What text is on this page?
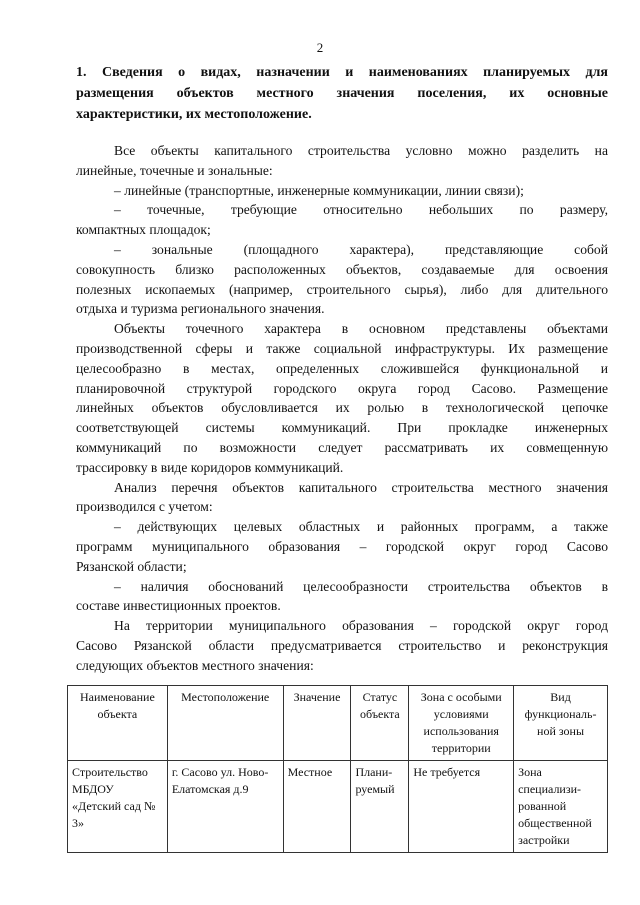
2
1. Сведения о видах, назначении и наименованиях планируемых для
размещения объектов местного значения поселения, их основные
характеристики, их местоположение.
Все объекты капитального строительства условно можно разделить на
линейные, точечные и зональные:
– линейные (транспортные, инженерные коммуникации, линии связи);
– точечные, требующие относительно небольших по размеру,
компактных площадок;
– зональные (площадного характера), представляющие собой
совокупность близко расположенных объектов, создаваемые для освоения
полезных ископаемых (например, строительного сырья), либо для длительного
отдыха и туризма регионального значения.
Объекты точечного характера в основном представлены объектами
производственной сферы и также социальной инфраструктуры. Их размещение
целесообразно в местах, определенных сложившейся функциональной и
планировочной структурой городского округа город Сасово. Размещение
линейных объектов обусловливается их ролью в технологической цепочке
соответствующей системы коммуникаций. При прокладке инженерных
коммуникаций по возможности следует рассматривать их совмещенную
трассировку в виде коридоров коммуникаций.
Анализ перечня объектов капитального строительства местного значения
производился с учетом:
– действующих целевых областных и районных программ, а также
программ муниципального образования – городской округ город Сасово
Рязанской области;
– наличия обоснований целесообразности строительства объектов в
составе инвестиционных проектов.
На территории муниципального образования – городской округ город
Сасово Рязанской области предусматривается строительство и реконструкция
следующих объектов местного значения:
Наименование объекта	Местоположение	Значение	Статус объекта	Зона с особыми условиями использования территории	Вид функциональ-ной зоны
Строительство МБДОУ «Детский сад № 3»	г. Сасово ул. Ново-Елатомская д.9	Местное	Плани-руемый	Не требуется	Зона специализи-рованной общественной застройки
